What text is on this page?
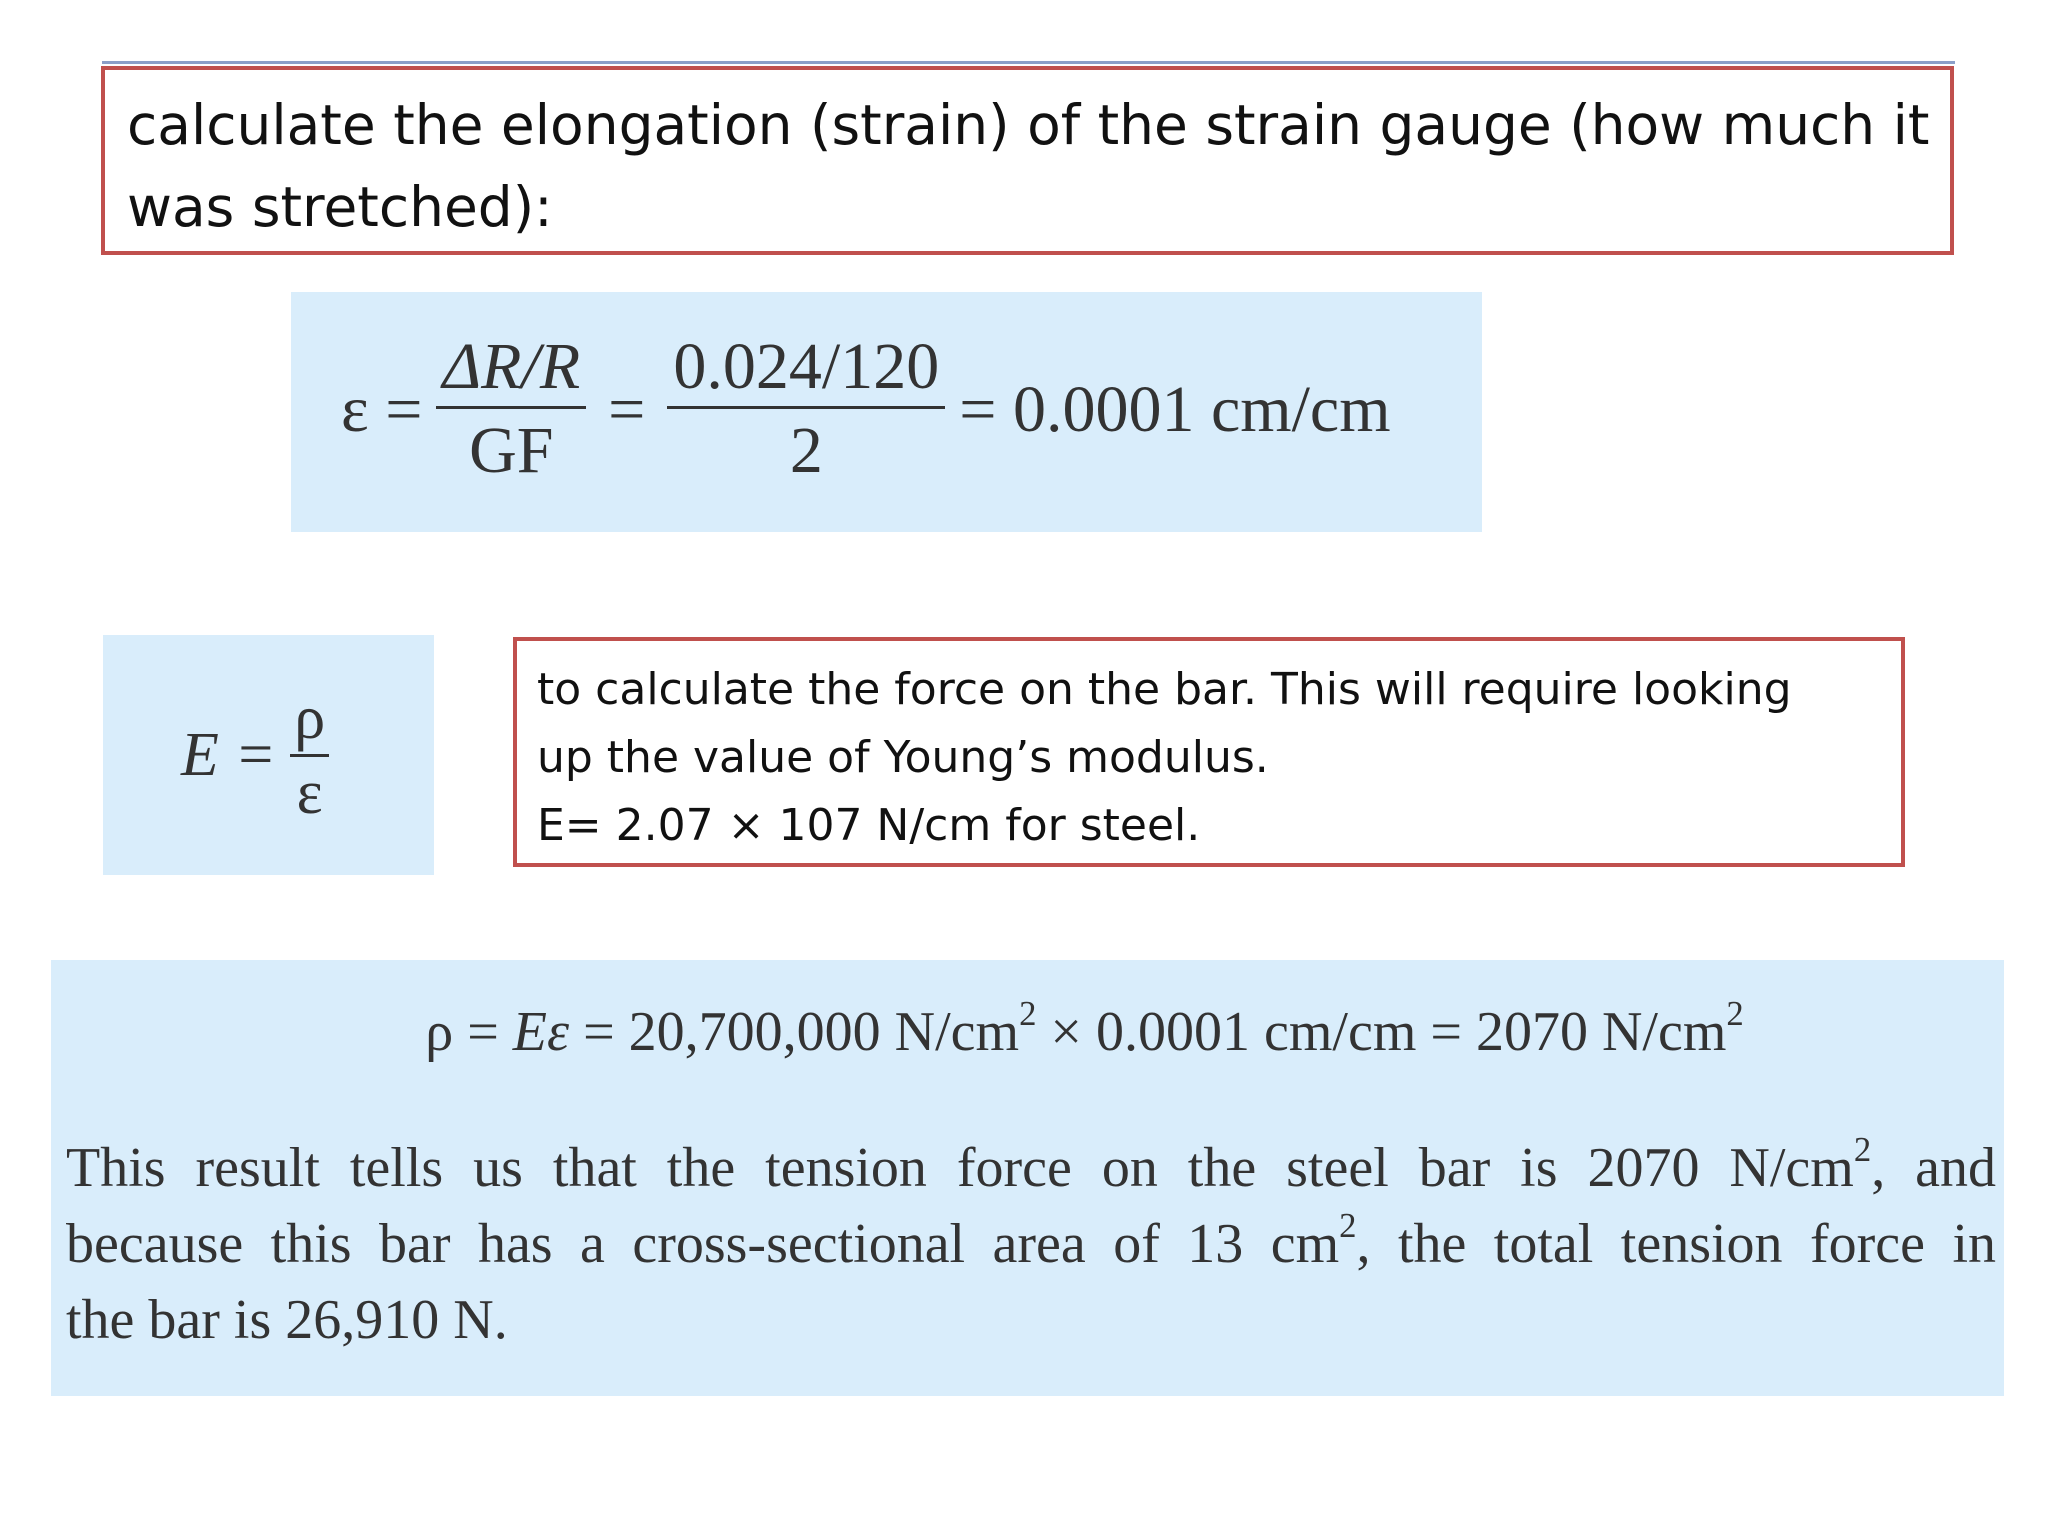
calculate the elongation (strain) of the strain gauge (how much it
was stretched):
$\varepsilon = \frac{\Delta R/R}{GF} = \frac{0.024/120}{2} = 0.0001$ cm/cm
$E = \frac{\rho}{\varepsilon}$	to calculate the force on the bar. This will require looking
up the value of Young’s modulus.
E= 2.07 × 107 N/cm for steel.
ρ = Eε = 20,700,000 $N/cm^2 \times 0.0001$ cm/cm = 2070 $N/cm^2$
This result tells us that the tension force on the steel bar is 2070 $N/cm^2$, and
because this bar has a cross-sectional area of 13 $cm^2$, the total tension force in
the bar is 26,910 N.
